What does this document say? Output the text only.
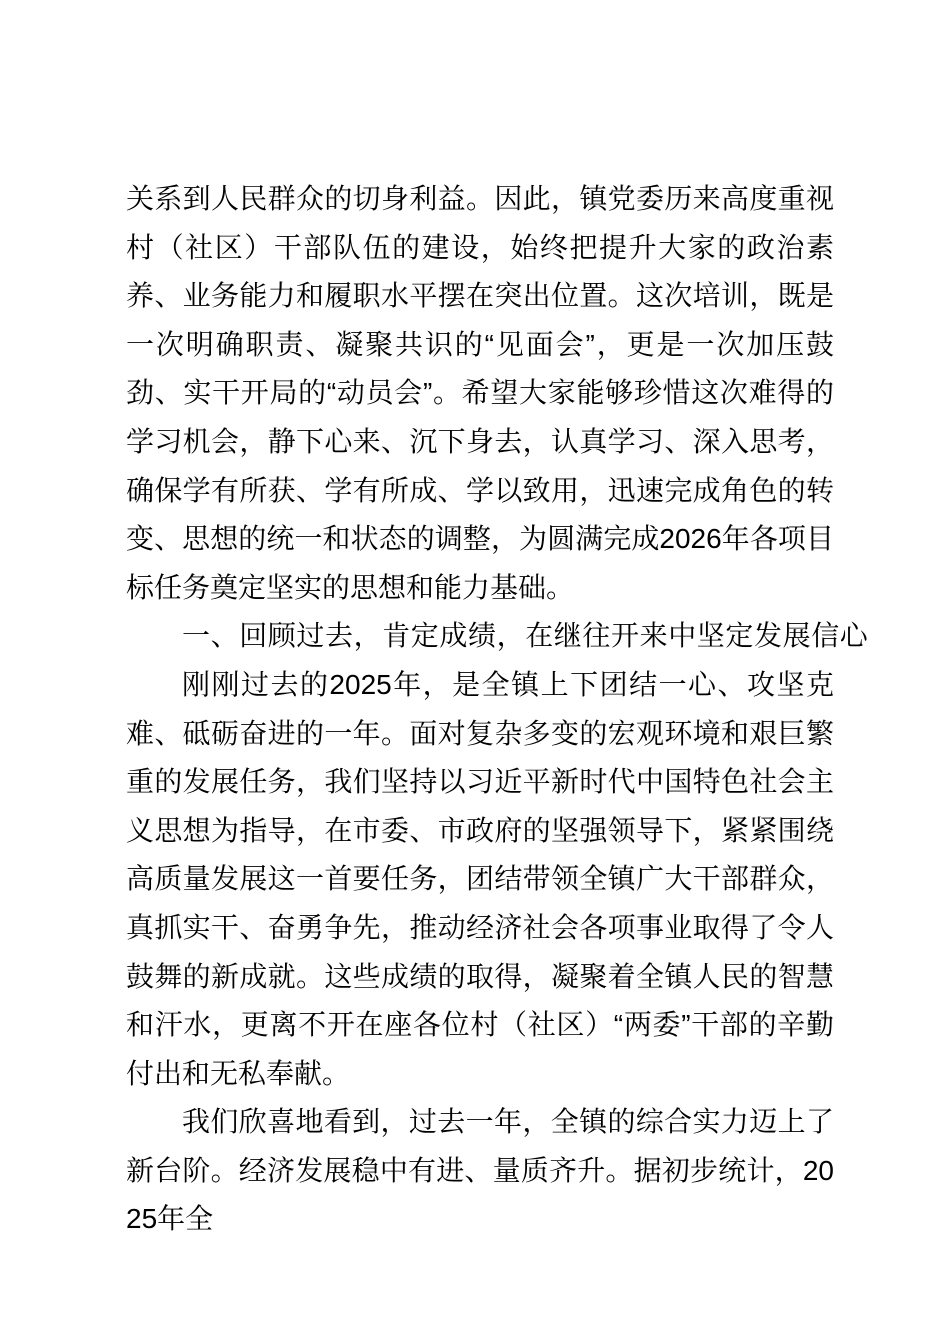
关系到人民群众的切身利益。因此，镇党委历来高度重视村（社区）干部队伍的建设，始终把提升大家的政治素养、业务能力和履职水平摆在突出位置。这次培训，既是一次明确职责、凝聚共识的“见面会”，更是一次加压鼓劲、实干开局的“动员会”。希望大家能够珍惜这次难得的学习机会，静下心来、沉下身去，认真学习、深入思考，确保学有所获、学有所成、学以致用，迅速完成角色的转变、思想的统一和状态的调整，为圆满完成2026年各项目标任务奠定坚实的思想和能力基础。

一、回顾过去，肯定成绩，在继往开来中坚定发展信心

刚刚过去的2025年，是全镇上下团结一心、攻坚克难、砥砺奋进的一年。面对复杂多变的宏观环境和艰巨繁重的发展任务，我们坚持以习近平新时代中国特色社会主义思想为指导，在市委、市政府的坚强领导下，紧紧围绕高质量发展这一首要任务，团结带领全镇广大干部群众，真抓实干、奋勇争先，推动经济社会各项事业取得了令人鼓舞的新成就。这些成绩的取得，凝聚着全镇人民的智慧和汗水，更离不开在座各位村（社区）“两委”干部的辛勤付出和无私奉献。

我们欣喜地看到，过去一年，全镇的综合实力迈上了新台阶。经济发展稳中有进、量质齐升。据初步统计，2025年全
